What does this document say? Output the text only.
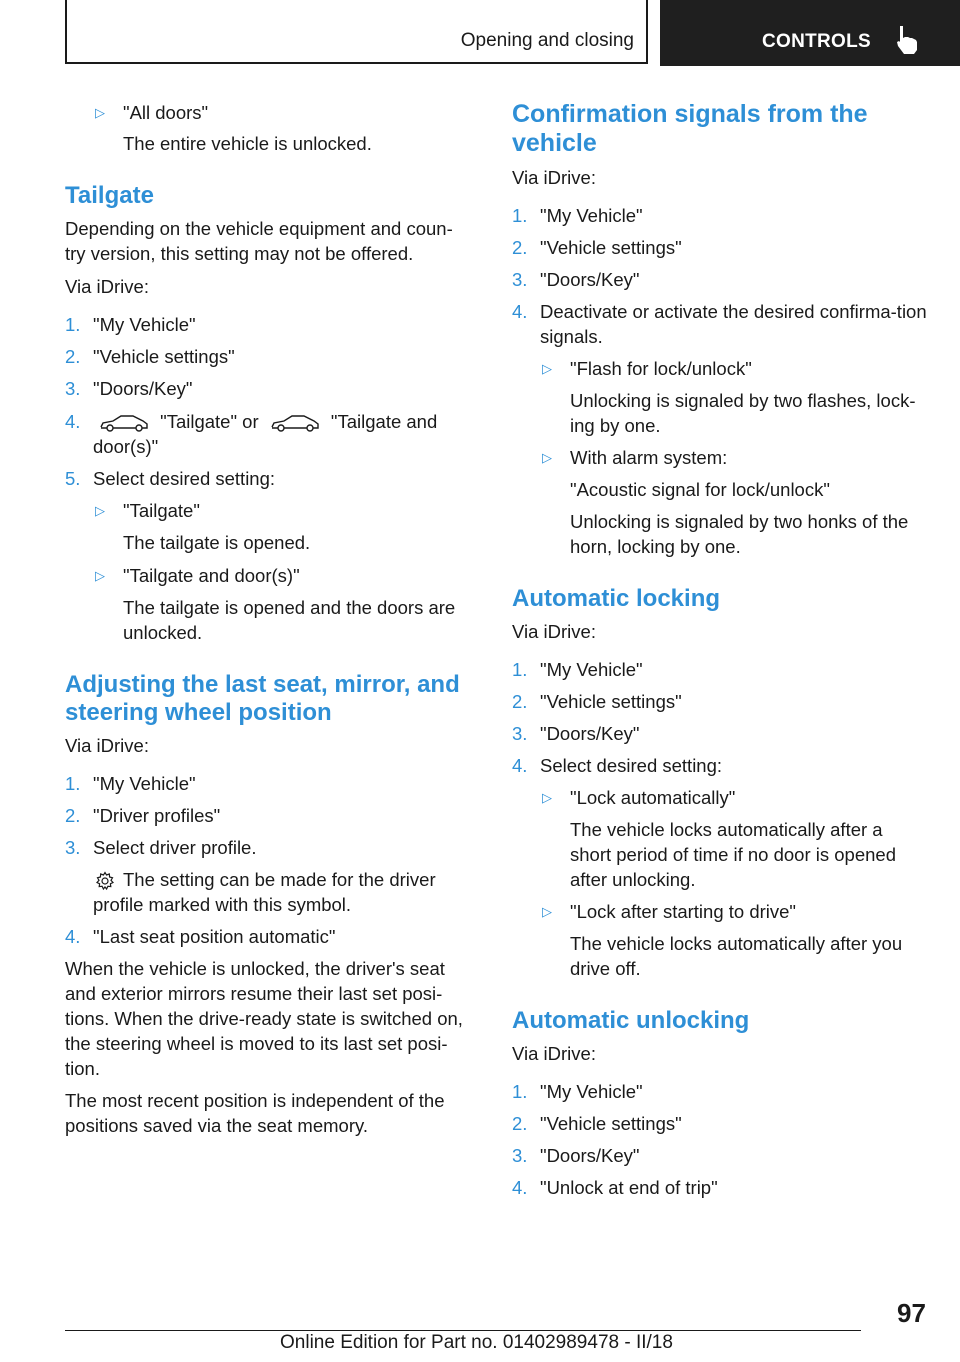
Opening and closing	CONTROLS
▷ "All doors"
The entire vehicle is unlocked.
Tailgate

Depending on the vehicle equipment and coun-try version, this setting may not be offered.

Via iDrive:

1. "My Vehicle"
2. "Vehicle settings"
3. "Doors/Key"
4.	"Tailgate" or	"Tailgate and
door(s)"
5. Select desired setting:
▷ "Tailgate"
The tailgate is opened.
▷ "Tailgate and door(s)"
The tailgate is opened and the doors are unlocked.
Adjusting the last seat, mirror, and steering wheel position

Via iDrive:

1. "My Vehicle"
2. "Driver profiles"
3. Select driver profile.
The setting can be made for the driver profile marked with this symbol.
4. "Last seat position automatic"

When the vehicle is unlocked, the driver's seat and exterior mirrors resume their last set posi-tions. When the drive-ready state is switched on, the steering wheel is moved to its last set posi-tion.

The most recent position is independent of the positions saved via the seat memory.

Confirmation signals from the vehicle

Via iDrive:

1. "My Vehicle"
2. "Vehicle settings"
3. "Doors/Key"
4. Deactivate or activate the desired confirma-tion signals.
▷ "Flash for lock/unlock"
Unlocking is signaled by two flashes, lock-ing by one.
▷ With alarm system:
"Acoustic signal for lock/unlock"
Unlocking is signaled by two honks of the horn, locking by one.
Automatic locking

Via iDrive:

1. "My Vehicle"
2. "Vehicle settings"
3. "Doors/Key"
4. Select desired setting:
▷ "Lock automatically"
The vehicle locks automatically after a short period of time if no door is opened after unlocking.
▷ "Lock after starting to drive"
The vehicle locks automatically after you drive off.
Automatic unlocking

Via iDrive:

1. "My Vehicle"
2. "Vehicle settings"
3. "Doors/Key"
4. "Unlock at end of trip"
97
Online Edition for Part no. 01402989478 - II/18
